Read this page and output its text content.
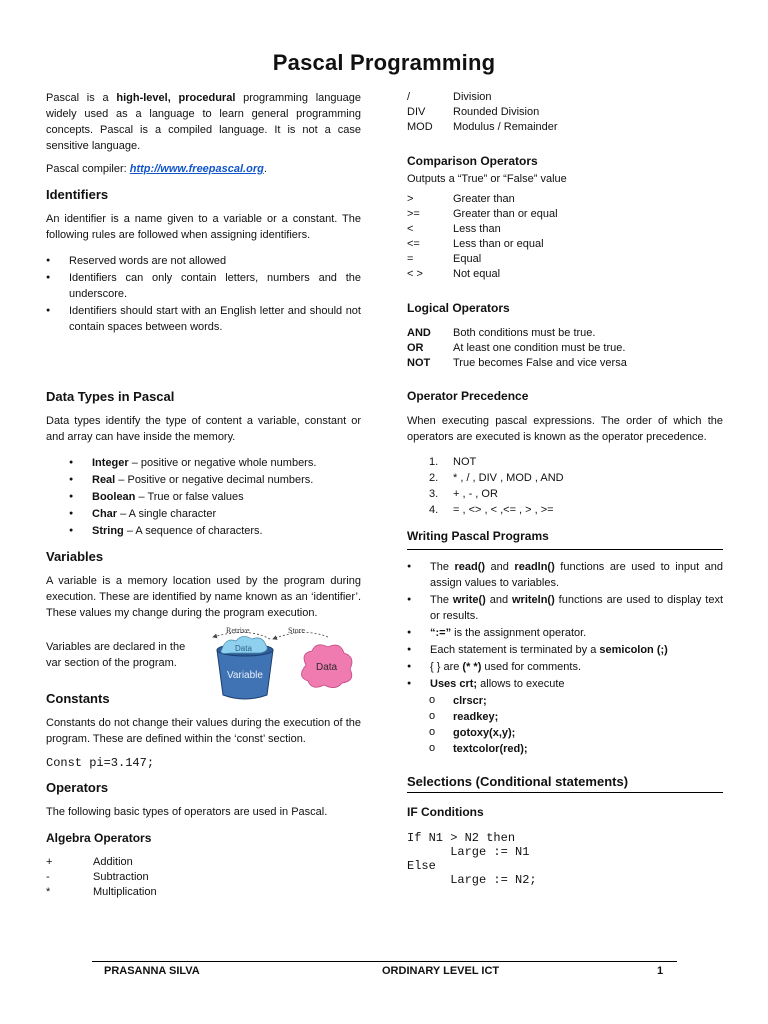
Pascal Programming

Pascal is a high-level, procedural programming language widely used as a language to learn general programming concepts. Pascal is a compiled language. It is not a case sensitive language.

Pascal compiler: http://www.freepascal.org.

Identifiers

An identifier is a name given to a variable or a constant. The following rules are followed when assigning identifiers.

● Reserved words are not allowed
● Identifiers can only contain letters, numbers and the underscore.
● Identifiers should start with an English letter and should not contain spaces between words.
Data Types in Pascal

Data types identify the type of content a variable, constant or and array can have inside the memory.

● Integer – positive or negative whole numbers.
● Real – Positive or negative decimal numbers.
● Boolean – True or false values
● Char – A single character
● String – A sequence of characters.
Variables

A variable is a memory location used by the program during execution. These are identified by name known as an ‘identifier’. These values my change during the program execution.

Variables are declared in the var section of the program.

Retrive	Store
Data
Variable
Data
Constants

Constants do not change their values during the execution of the program. These are defined within the ‘const’ section.

Const pi=3.147;
Operators

The following basic types of operators are used in Pascal.

Algebra Operators
+	Addition
-	Subtraction
*	Multiplication
/	Division
DIV	Rounded Division
MOD	Modulus / Remainder
Comparison Operators

Outputs a “True” or “False” value

>	Greater than
>=	Greater than or equal
<	Less than
<=	Less than or equal
=	Equal
< >	Not equal
Logical Operators
AND	Both conditions must be true.
OR	At least one condition must be true.
NOT	True becomes False and vice versa
Operator Precedence

When executing pascal expressions. The order of which the operators are executed is known as the operator precedence.

1.	NOT
2.	* , / , DIV , MOD , AND
3.	+ , - , OR
4.	= , <> , < ,<= , > , >=
Writing Pascal Programs
● The read() and readln() functions are used to input and assign values to variables.
● The write() and writeln() functions are used to display text or results.
● “:=” is the assignment operator.
● Each statement is terminated by a semicolon (;)
● { } are (* *) used for comments.
● Uses crt; allows to execute
o clrscr;
o readkey;
o gotoxy(x,y);
o textcolor(red);
Selections (Conditional statements)
IF Conditions
If N1 > N2 then
Large := N1
Else
Large := N2;
PRASANNA SILVA	ORDINARY LEVEL ICT	1
